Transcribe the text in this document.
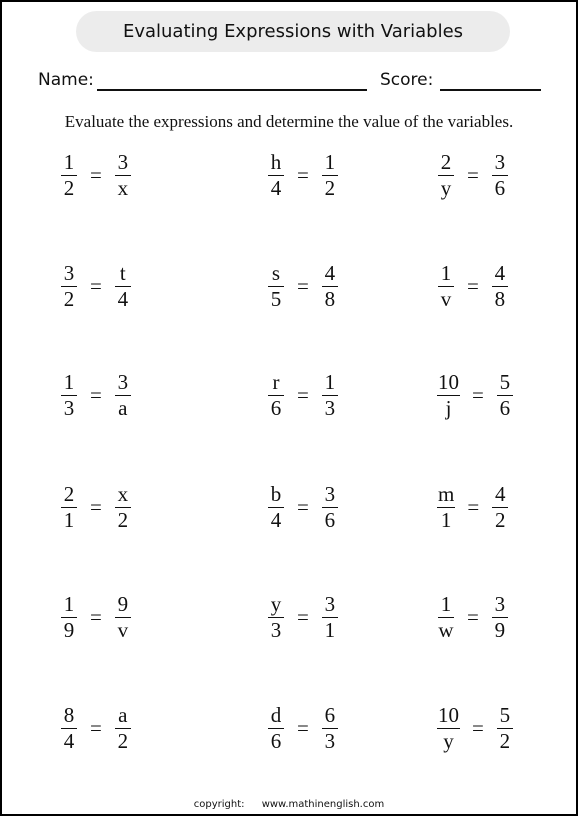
Evaluating Expressions with Variables
Name:	Score:
Evaluate the expressions and determine the value of the variables.
$\frac{1}{2} = \frac{3}{x}$	$\frac{h}{4} = \frac{1}{2}$	$\frac{2}{y} = \frac{3}{6}$
$\frac{3}{2} = \frac{t}{4}$	$\frac{s}{5} = \frac{4}{8}$	$\frac{1}{v} = \frac{4}{8}$
$\frac{1}{3} = \frac{3}{a}$	$\frac{r}{6} = \frac{1}{3}$	$\frac{10}{j} = \frac{5}{6}$
$\frac{2}{1} = \frac{x}{2}$	$\frac{b}{4} = \frac{3}{6}$	$\frac{m}{1} = \frac{4}{2}$
$\frac{1}{9} = \frac{9}{v}$	$\frac{y}{3} = \frac{3}{1}$	$\frac{1}{w} = \frac{3}{9}$
$\frac{8}{4} = \frac{a}{2}$	$\frac{d}{6} = \frac{6}{3}$	$\frac{10}{y} = \frac{5}{2}$
copyright: www.mathinenglish.com
